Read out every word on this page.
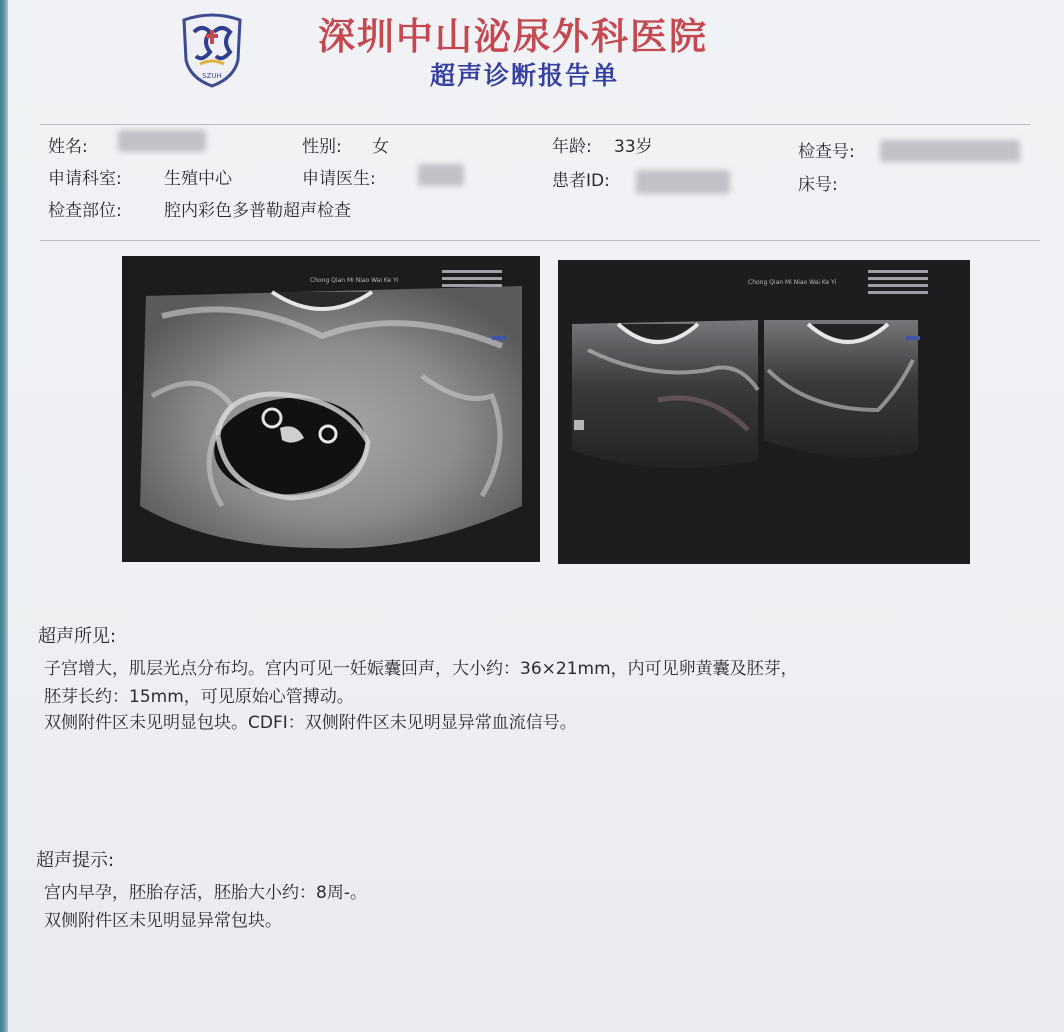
SZUH
深圳中山泌尿外科医院
超声诊断报告单
姓名:	性别: 女	年龄: 33岁	检查号:
申请科室: 生殖中心	申请医生:	患者ID:	床号:
检查部位: 腔内彩色多普勒超声检查
Chong Qian Mi Niao Wai Ke Yi	Chong Qian Mi Niao Wai Ke Yi
超声所见:
子宫增大，肌层光点分布均。宫内可见一妊娠囊回声，大小约：36×21mm，内可见卵黄囊及胚芽，
胚芽长约：15mm，可见原始心管搏动。
双侧附件区未见明显包块。CDFI：双侧附件区未见明显异常血流信号。
超声提示:
宫内早孕，胚胎存活，胚胎大小约：8周-。
双侧附件区未见明显异常包块。
